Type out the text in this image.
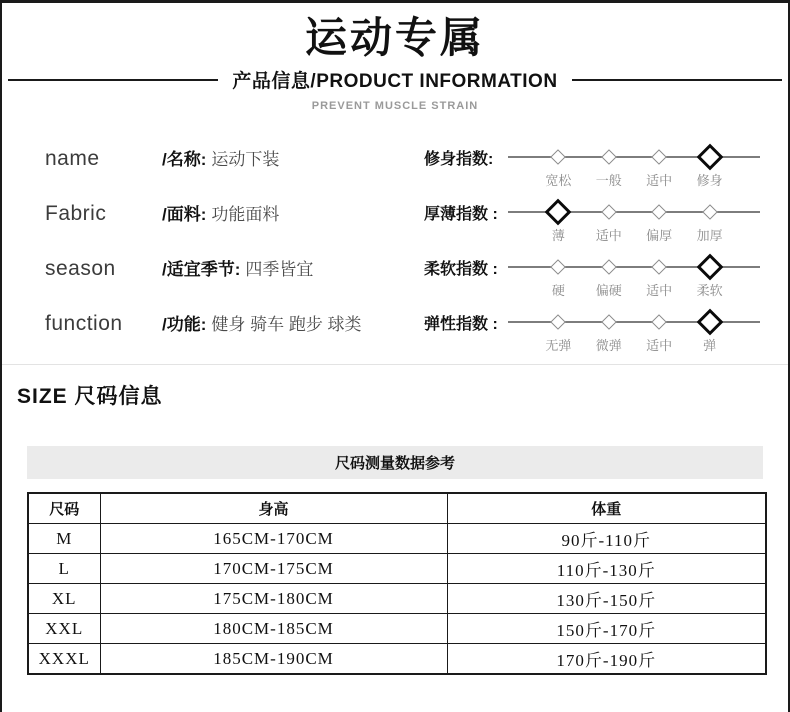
运动专属
产品信息/PRODUCT INFORMATION
PREVENT MUSCLE STRAIN
name	/名称: 运动下装
Fabric	/面料: 功能面料
season	/适宜季节: 四季皆宜
function	/功能: 健身 骑车 跑步 球类
修身指数:
宽松 一般 适中 修身
厚薄指数 :
薄 适中 偏厚 加厚
柔软指数 :
硬 偏硬 适中 柔软
弹性指数 :
无弹 微弹 适中 弹
SIZE 尺码信息
尺码测量数据参考
尺码	身高	体重
M	165CM-170CM	90斤-110斤
L	170CM-175CM	110斤-130斤
XL	175CM-180CM	130斤-150斤
XXL	180CM-185CM	150斤-170斤
XXXL	185CM-190CM	170斤-190斤
